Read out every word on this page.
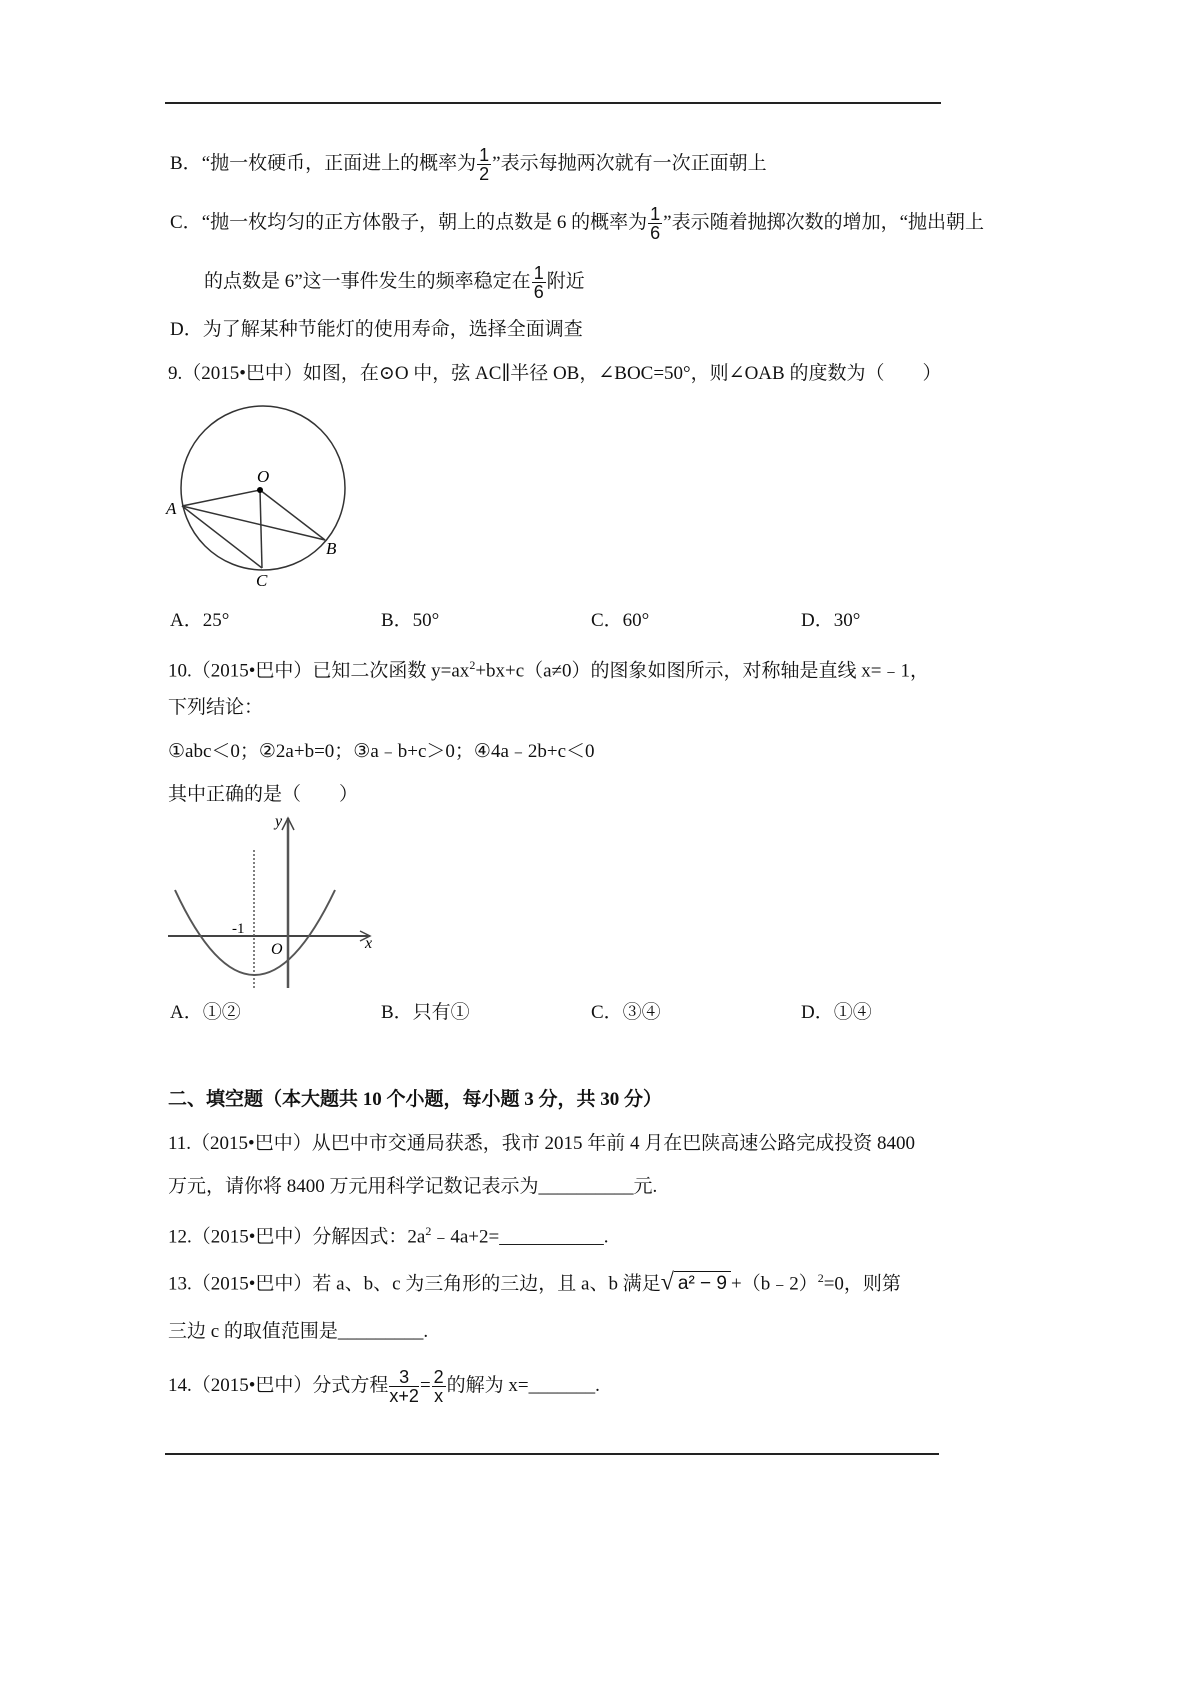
B．“抛一枚硬币，正面进上的概率为 $\frac{1}{2}$ ”表示每抛两次就有一次正面朝上
C．“抛一枚均匀的正方体骰子，朝上的点数是 6 的概率为 $\frac{1}{6}$ ”表示随着抛掷次数的增加，“抛出朝上
的点数是 6”这一事件发生的频率稳定在 $\frac{1}{6}$ 附近
D．为了解某种节能灯的使用寿命，选择全面调查
9.（2015•巴中）如图，在⊙O 中，弦 AC∥半径 OB，∠BOC=50°，则∠OAB 的度数为（　　）
O
A
B
C
A．25°	B．50°	C．60°	D．30°
10.（2015•巴中）已知二次函数 $y=ax^2+bx+c(a\ne 0)$的图象如图所示，对称轴是直线 x=﹣1，
下列结论：
①abc＜0；②2a+b=0；③a﹣b+c＞0；④4a﹣2b+c＜0
其中正确的是（　　）
y
x
O
-1
A．①②	B．只有①	C．③④	D．①④
二、填空题（本大题共 10 个小题，每小题 3 分，共 30 分）
11.（2015•巴中）从巴中市交通局获悉，我市 2015 年前 4 月在巴陕高速公路完成投资 8400
万元，请你将 8400 万元用科学记数记表示为__________元.
12.（2015•巴中）分解因式：$2a^2﹣4a+2=\_\_\_\_\_\_\_\_\_\_\_$.
13.（2015•巴中）若 a、b、c 为三角形的三边，且 a、b 满足√ a² − 9 +（b﹣2）$^2$=0，则第
三边 c 的取值范围是_________.
14.（2015•巴中）分式方程 $\frac{3}{x+2} = \frac{2}{x}$ 的解为 x=_______.
